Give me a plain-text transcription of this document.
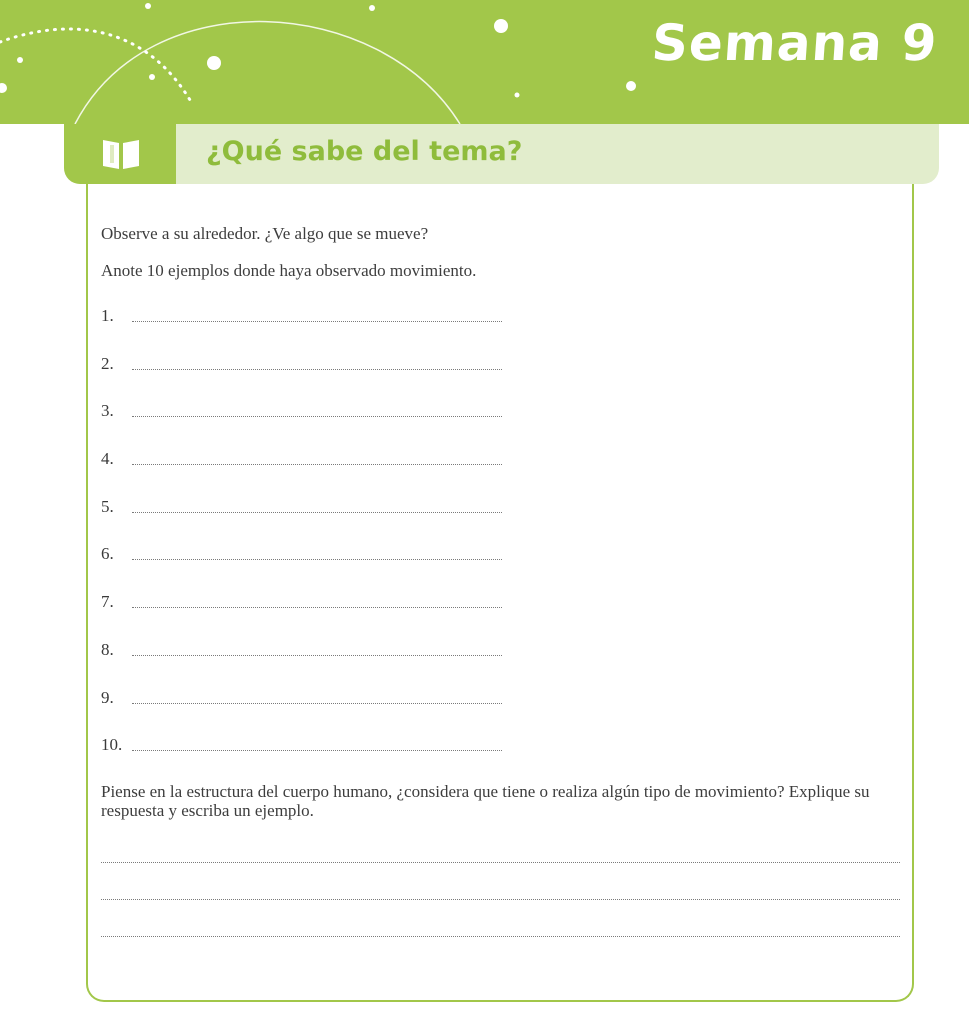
Semana 9
¿Qué sabe del tema?
Observe a su alrededor. ¿Ve algo que se mueve?
Anote 10 ejemplos donde haya observado movimiento.
1.
2.
3.
4.
5.
6.
7.
8.
9.
10.
Piense en la estructura del cuerpo humano, ¿considera que tiene o realiza algún tipo de movimiento? Explique su respuesta y escriba un ejemplo.
